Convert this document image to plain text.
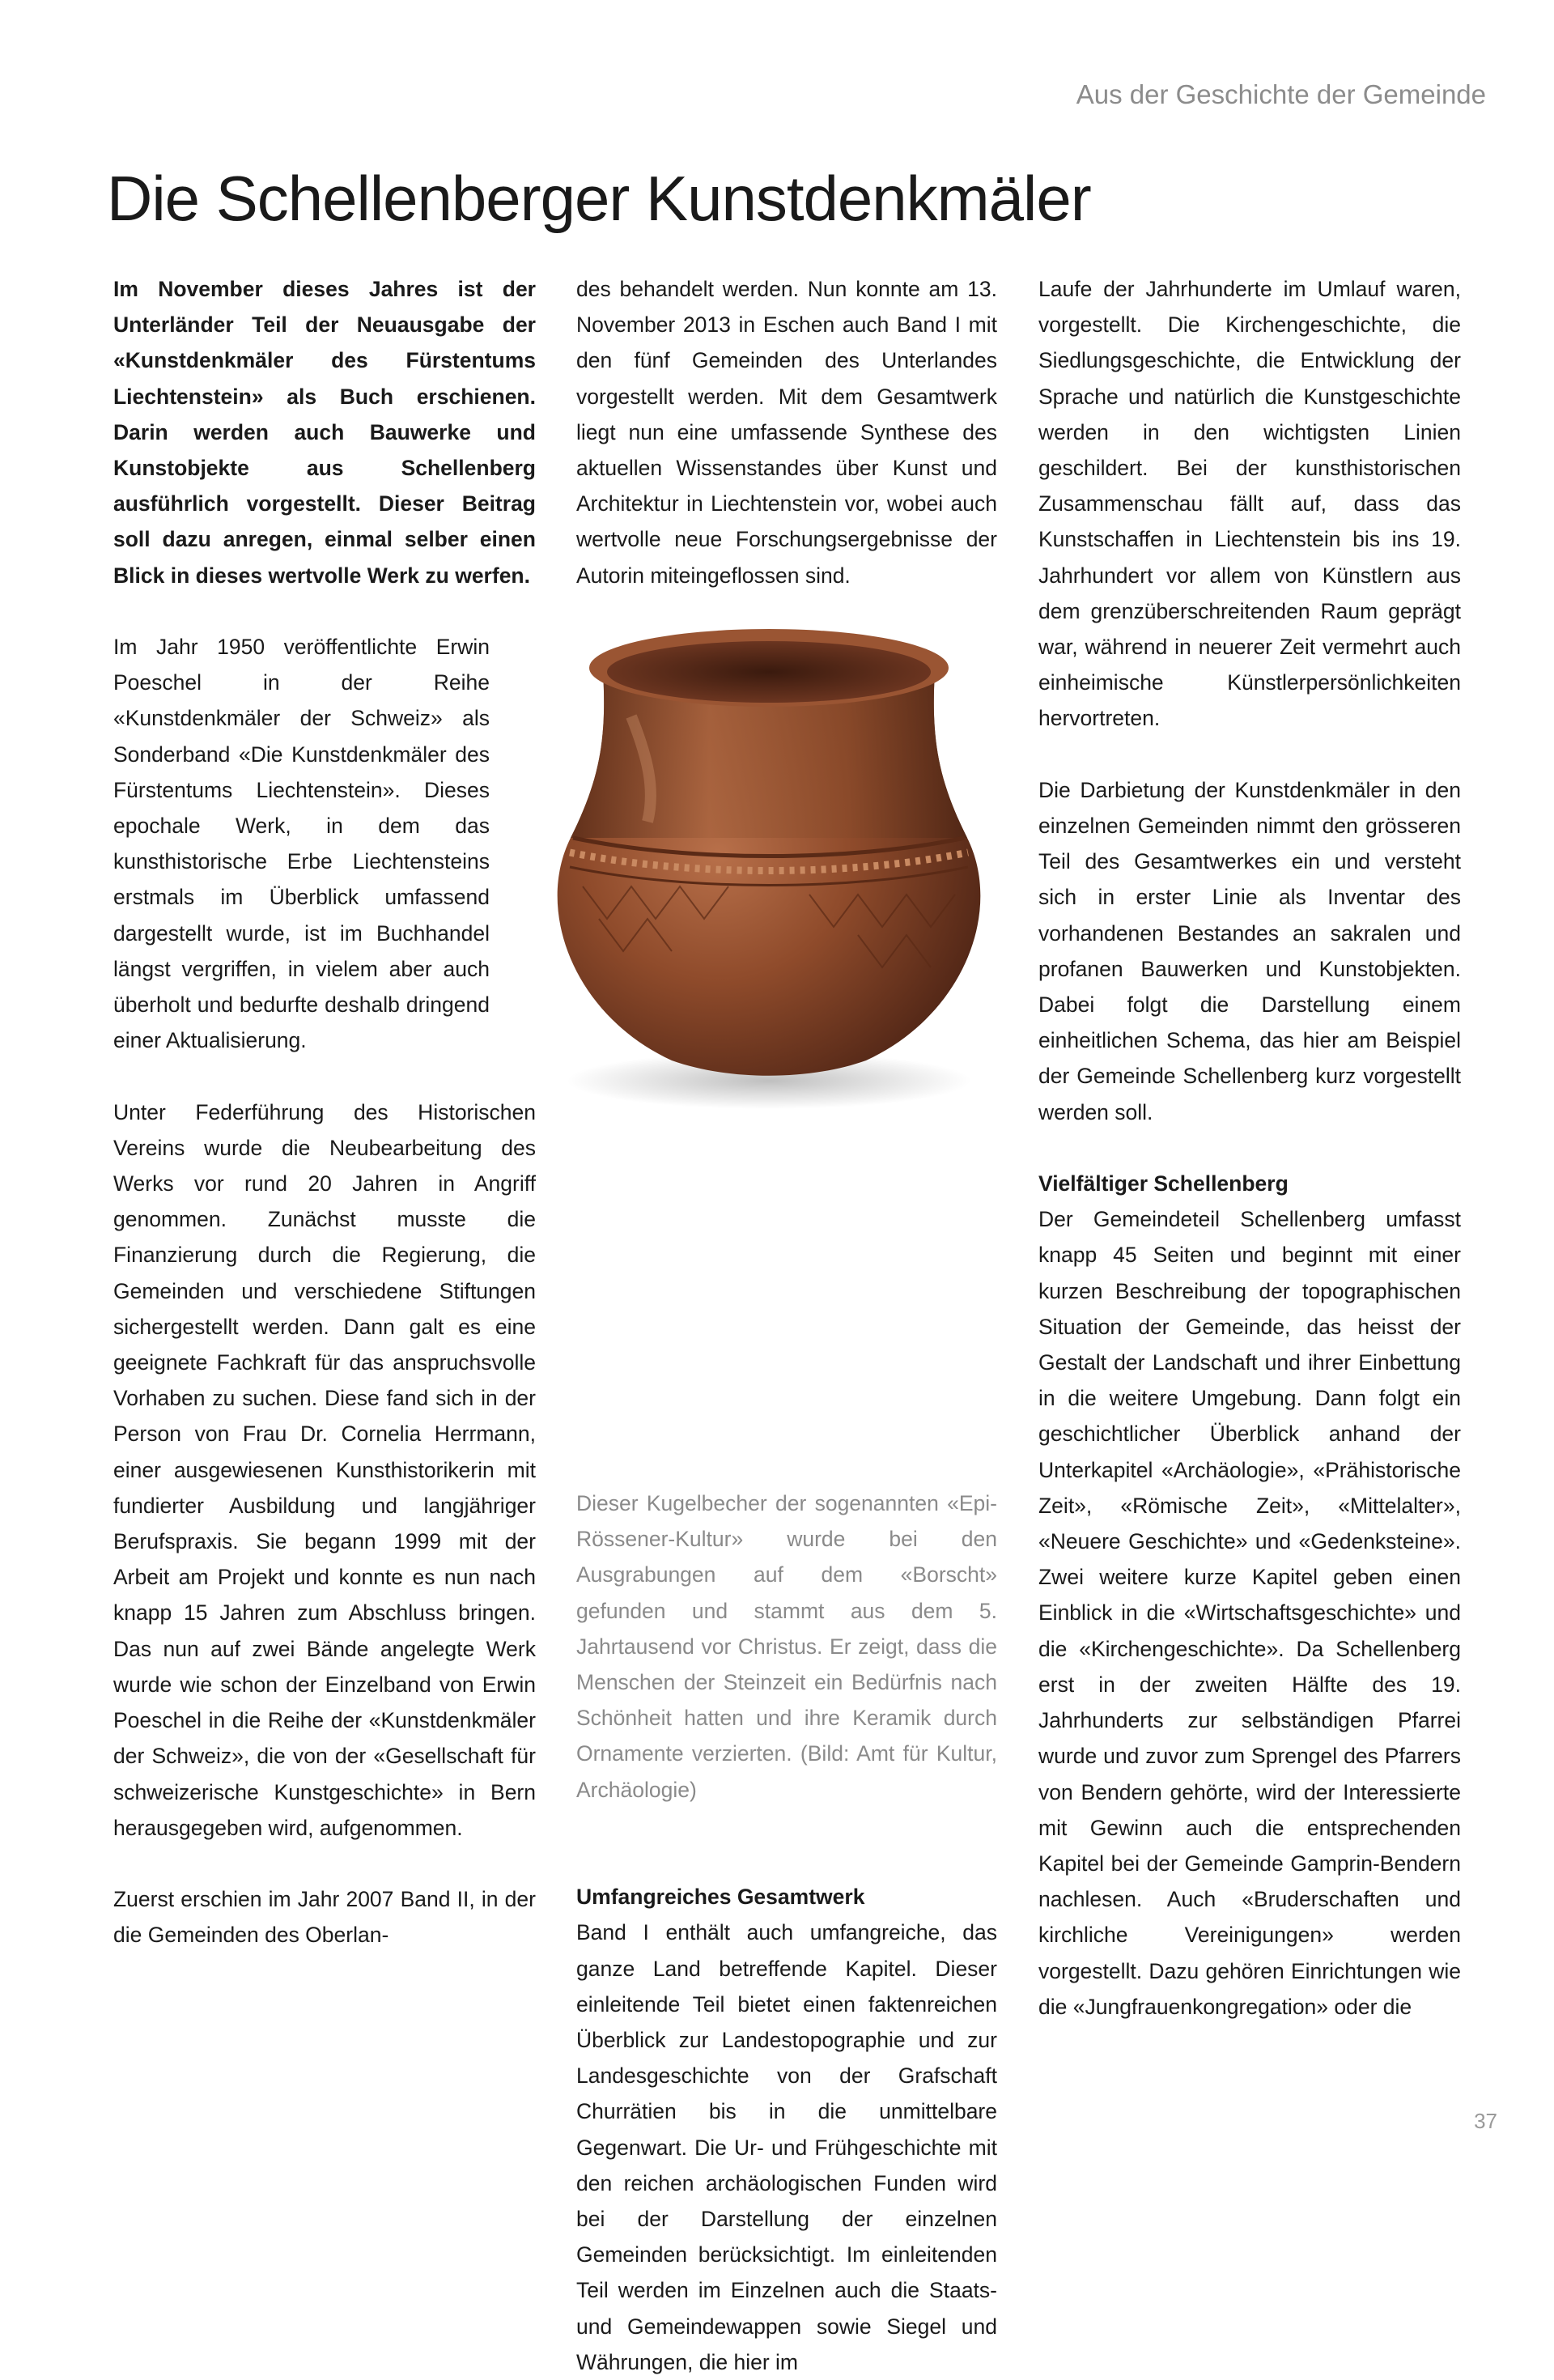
Aus der Geschichte der Gemeinde
Die Schellenberger Kunstdenkmäler

Im November dieses Jahres ist der Unterländer Teil der Neuausgabe der «Kunstdenkmäler des Fürstentums Liechtenstein» als Buch erschienen. Darin werden auch Bauwerke und Kunstobjekte aus Schellenberg ausführlich vorgestellt. Dieser Beitrag soll dazu anregen, einmal selber einen Blick in dieses wertvolle Werk zu werfen.

Im Jahr 1950 veröffentlichte Erwin Poeschel in der Reihe «Kunstdenkmäler der Schweiz» als Sonderband «Die Kunstdenkmäler des Fürstentums Liechtenstein». Dieses epochale Werk, in dem das kunsthistorische Erbe Liechtensteins erstmals im Überblick umfassend dargestellt wurde, ist im Buchhandel längst vergriffen, in vielem aber auch überholt und bedurfte deshalb dringend einer Aktualisierung.

Unter Federführung des Historischen Vereins wurde die Neubearbeitung des Werks vor rund 20 Jahren in Angriff genommen. Zunächst musste die Finanzierung durch die Regierung, die Gemeinden und verschiedene Stiftungen sichergestellt werden. Dann galt es eine geeignete Fachkraft für das anspruchsvolle Vorhaben zu suchen. Diese fand sich in der Person von Frau Dr. Cornelia Herrmann, einer ausgewiesenen Kunsthistorikerin mit fundierter Ausbildung und langjähriger Berufspraxis. Sie begann 1999 mit der Arbeit am Projekt und konnte es nun nach knapp 15 Jahren zum Abschluss bringen. Das nun auf zwei Bände angelegte Werk wurde wie schon der Einzelband von Erwin Poeschel in die Reihe der «Kunstdenkmäler der Schweiz», die von der «Gesellschaft für schweizerische Kunstgeschichte» in Bern herausgegeben wird, aufgenommen.

Zuerst erschien im Jahr 2007 Band II, in der die Gemeinden des Oberlan-

des behandelt werden. Nun konnte am 13. November 2013 in Eschen auch Band I mit den fünf Gemeinden des Unterlandes vorgestellt werden. Mit dem Gesamtwerk liegt nun eine umfassende Synthese des aktuellen Wissenstandes über Kunst und Architektur in Liechtenstein vor, wobei auch wertvolle neue Forschungsergebnisse der Autorin miteingeflossen sind.

Dieser Kugelbecher der sogenannten «Epi-Rössener-Kultur» wurde bei den Ausgrabungen auf dem «Borscht» gefunden und stammt aus dem 5. Jahrtausend vor Christus. Er zeigt, dass die Menschen der Steinzeit ein Bedürfnis nach Schönheit hatten und ihre Keramik durch Ornamente verzierten. (Bild: Amt für Kultur, Archäologie)

Umfangreiches Gesamtwerk

Band I enthält auch umfangreiche, das ganze Land betreffende Kapitel. Dieser einleitende Teil bietet einen faktenreichen Überblick zur Landestopographie und zur Landesgeschichte von der Grafschaft Churrätien bis in die unmittelbare Gegenwart. Die Ur- und Frühgeschichte mit den reichen archäologischen Funden wird bei der Darstellung der einzelnen Gemeinden berücksichtigt. Im einleitenden Teil werden im Einzelnen auch die Staats- und Gemeindewappen sowie Siegel und Währungen, die hier im

Laufe der Jahrhunderte im Umlauf waren, vorgestellt. Die Kirchengeschichte, die Siedlungsgeschichte, die Entwicklung der Sprache und natürlich die Kunstgeschichte werden in den wichtigsten Linien geschildert. Bei der kunsthistorischen Zusammenschau fällt auf, dass das Kunstschaffen in Liechtenstein bis ins 19. Jahrhundert vor allem von Künstlern aus dem grenzüberschreitenden Raum geprägt war, während in neuerer Zeit vermehrt auch einheimische Künstlerpersönlichkeiten hervortreten.

Die Darbietung der Kunstdenkmäler in den einzelnen Gemeinden nimmt den grösseren Teil des Gesamtwerkes ein und versteht sich in erster Linie als Inventar des vorhandenen Bestandes an sakralen und profanen Bauwerken und Kunstobjekten. Dabei folgt die Darstellung einem einheitlichen Schema, das hier am Beispiel der Gemeinde Schellenberg kurz vorgestellt werden soll.

Vielfältiger Schellenberg

Der Gemeindeteil Schellenberg umfasst knapp 45 Seiten und beginnt mit einer kurzen Beschreibung der topographischen Situation der Gemeinde, das heisst der Gestalt der Landschaft und ihrer Einbettung in die weitere Umgebung. Dann folgt ein geschichtlicher Überblick anhand der Unterkapitel «Archäologie», «Prähistorische Zeit», «Römische Zeit», «Mittelalter», «Neuere Geschichte» und «Gedenksteine». Zwei weitere kurze Kapitel geben einen Einblick in die «Wirtschaftsgeschichte» und die «Kirchengeschichte». Da Schellenberg erst in der zweiten Hälfte des 19. Jahrhunderts zur selbständigen Pfarrei wurde und zuvor zum Sprengel des Pfarrers von Bendern gehörte, wird der Interessierte mit Gewinn auch die entsprechenden Kapitel bei der Gemeinde Gamprin-Bendern nachlesen. Auch «Bruderschaften und kirchliche Vereinigungen» werden vorgestellt. Dazu gehören Einrichtungen wie die «Jungfrauenkongregation» oder die

37
